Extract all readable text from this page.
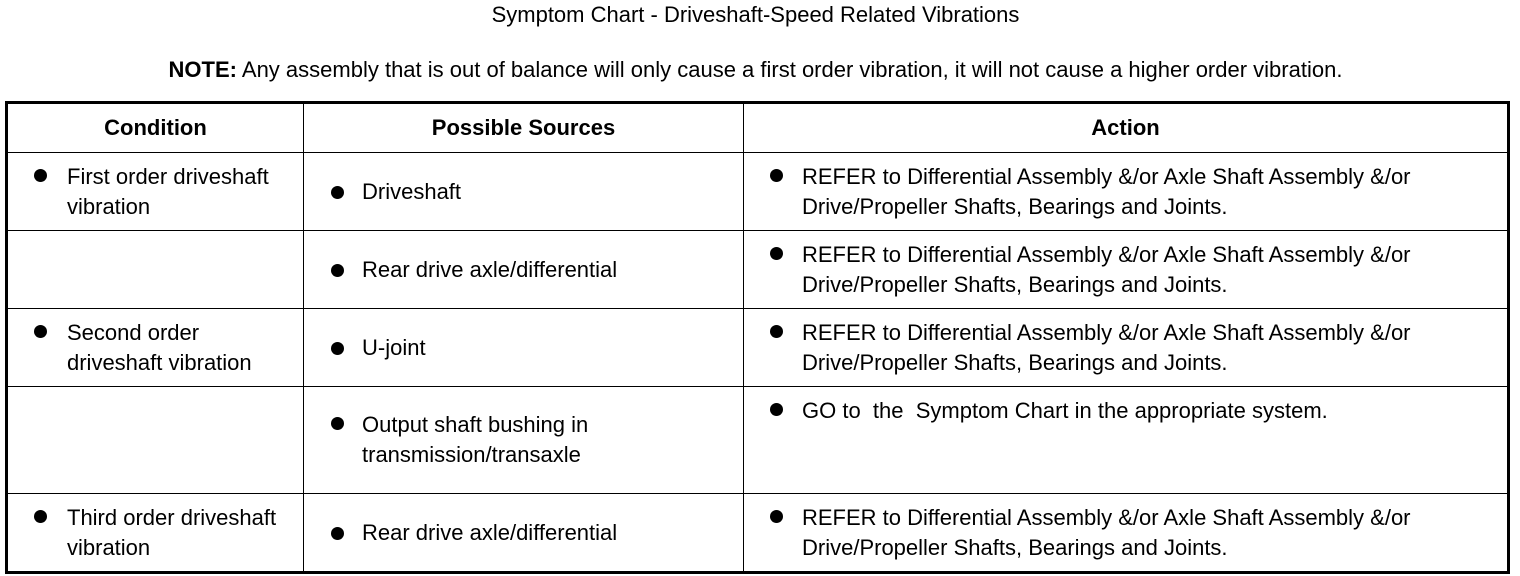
Symptom Chart - Driveshaft-Speed Related Vibrations
NOTE: Any assembly that is out of balance will only cause a first order vibration, it will not cause a higher order vibration.
Condition	Possible Sources	Action

First order driveshaft vibration	Driveshaft	REFER to Differential Assembly &/or Axle Shaft Assembly &/or Drive/Propeller Shafts, Bearings and Joints.

	Rear drive axle/differential	REFER to Differential Assembly &/or Axle Shaft Assembly &/or Drive/Propeller Shafts, Bearings and Joints.

Second order driveshaft vibration	U-joint	REFER to Differential Assembly &/or Axle Shaft Assembly &/or Drive/Propeller Shafts, Bearings and Joints.

	Output shaft bushing in transmission/transaxle	GO to  the  Symptom Chart in the appropriate system.

Third order driveshaft vibration	Rear drive axle/differential	REFER to Differential Assembly &/or Axle Shaft Assembly &/or Drive/Propeller Shafts, Bearings and Joints.
